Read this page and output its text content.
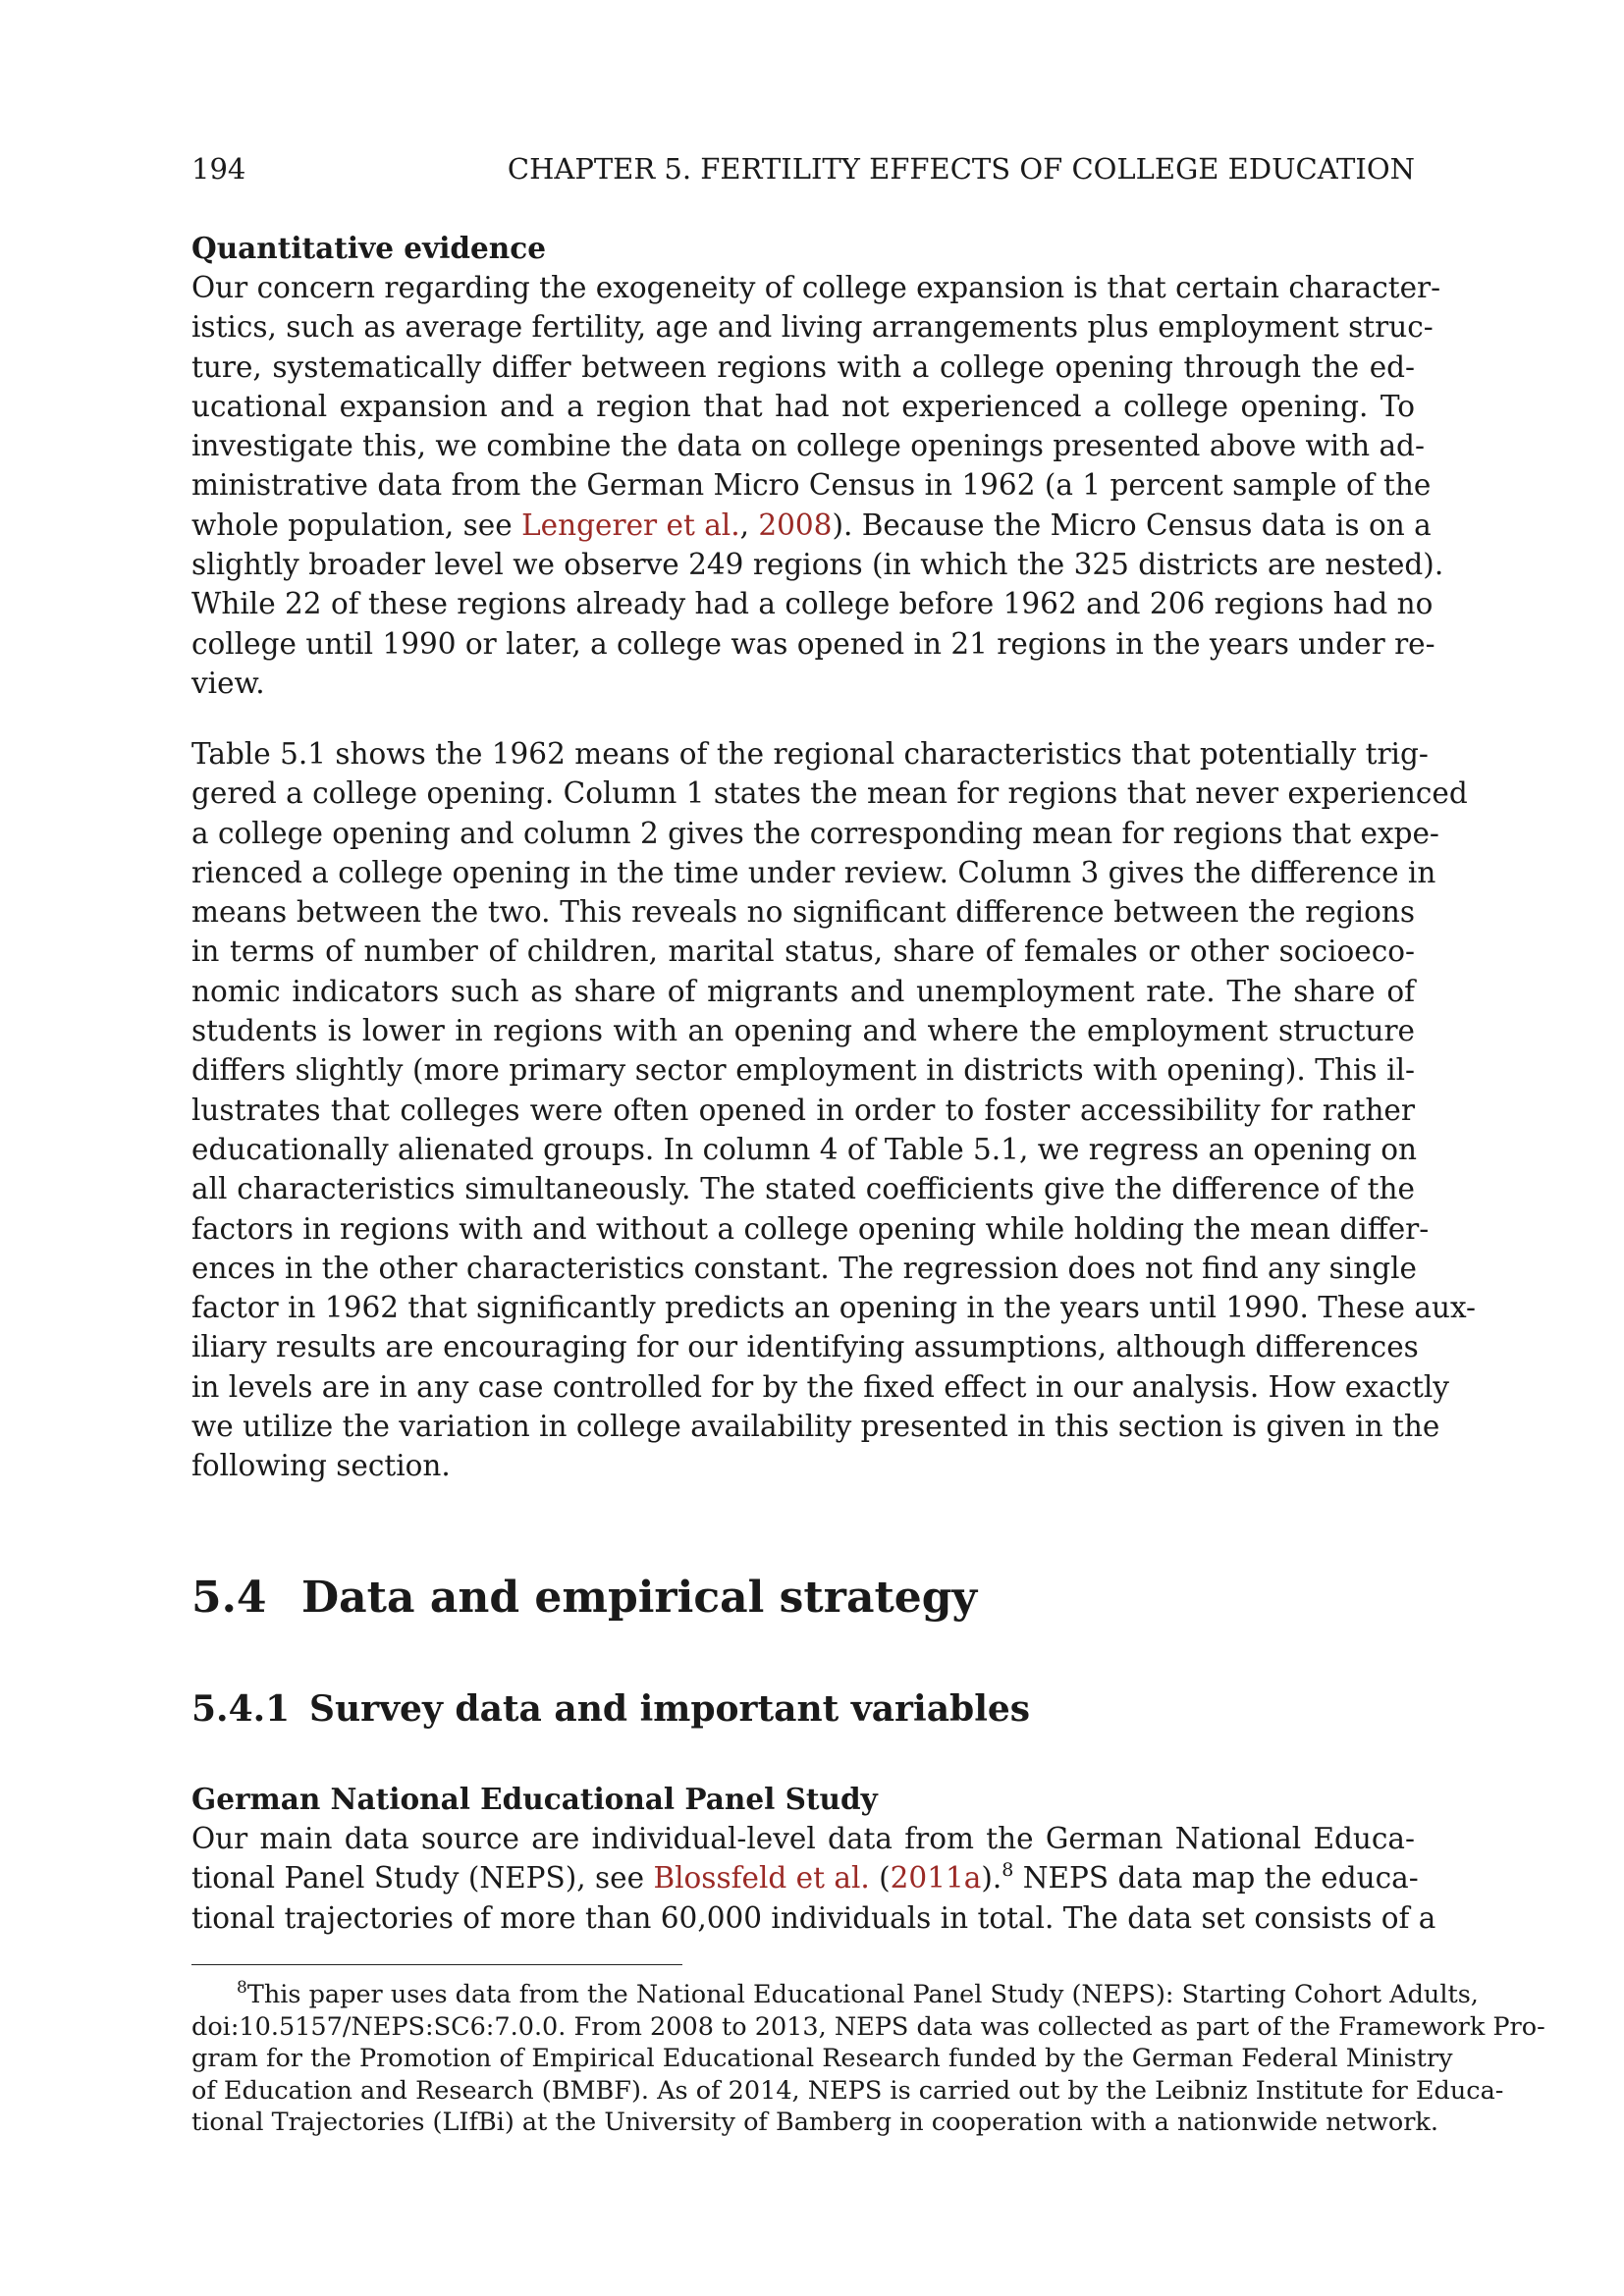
194	CHAPTER 5. FERTILITY EFFECTS OF COLLEGE EDUCATION
Quantitative evidence

Our concern regarding the exogeneity of college expansion is that certain character-
istics, such as average fertility, age and living arrangements plus employment struc-
ture, systematically differ between regions with a college opening through the ed-
ucational expansion and a region that had not experienced a college opening. To
investigate this, we combine the data on college openings presented above with ad-
ministrative data from the German Micro Census in 1962 (a 1 percent sample of the
whole population, see Lengerer et al., 2008). Because the Micro Census data is on a
slightly broader level we observe 249 regions (in which the 325 districts are nested).
While 22 of these regions already had a college before 1962 and 206 regions had no
college until 1990 or later, a college was opened in 21 regions in the years under re-
view.

Table 5.1 shows the 1962 means of the regional characteristics that potentially trig-
gered a college opening. Column 1 states the mean for regions that never experienced
a college opening and column 2 gives the corresponding mean for regions that expe-
rienced a college opening in the time under review. Column 3 gives the difference in
means between the two. This reveals no significant difference between the regions
in terms of number of children, marital status, share of females or other socioeco-
nomic indicators such as share of migrants and unemployment rate. The share of
students is lower in regions with an opening and where the employment structure
differs slightly (more primary sector employment in districts with opening). This il-
lustrates that colleges were often opened in order to foster accessibility for rather
educationally alienated groups. In column 4 of Table 5.1, we regress an opening on
all characteristics simultaneously. The stated coefficients give the difference of the
factors in regions with and without a college opening while holding the mean differ-
ences in the other characteristics constant. The regression does not find any single
factor in 1962 that significantly predicts an opening in the years until 1990. These aux-
iliary results are encouraging for our identifying assumptions, although differences
in levels are in any case controlled for by the fixed effect in our analysis. How exactly
we utilize the variation in college availability presented in this section is given in the
following section.

5.4 Data and empirical strategy
5.4.1 Survey data and important variables
German National Educational Panel Study

Our main data source are individual-level data from the German National Educa-
tional Panel Study (NEPS), see Blossfeld et al. (2011a).$^8$ NEPS data map the educa-
tional trajectories of more than 60,000 individuals in total. The data set consists of a

$^8$This paper uses data from the National Educational Panel Study (NEPS): Starting Cohort Adults,
doi:10.5157/NEPS:SC6:7.0.0. From 2008 to 2013, NEPS data was collected as part of the Framework Pro-
gram for the Promotion of Empirical Educational Research funded by the German Federal Ministry
of Education and Research (BMBF). As of 2014, NEPS is carried out by the Leibniz Institute for Educa-
tional Trajectories (LIfBi) at the University of Bamberg in cooperation with a nationwide network.
